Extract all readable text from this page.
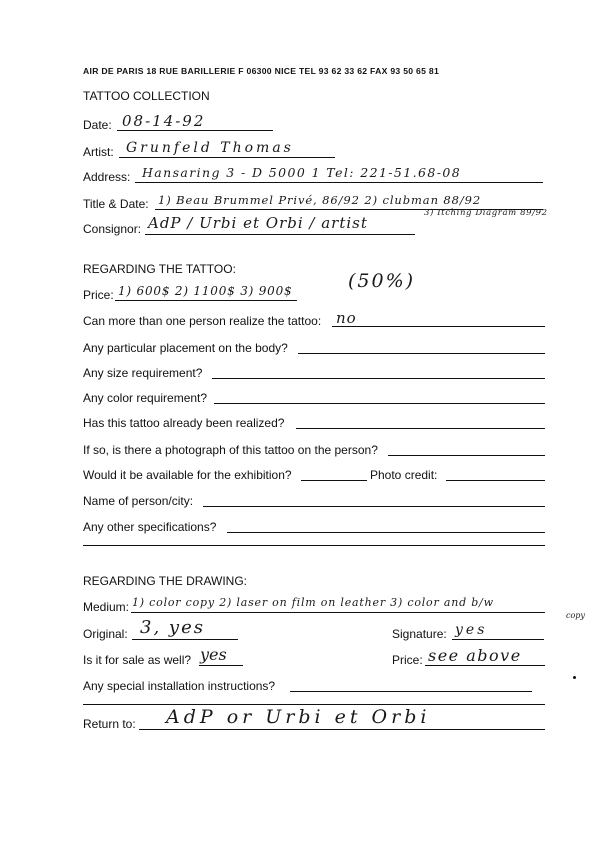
AIR DE PARIS 18 RUE BARILLERIE F 06300 NICE TEL 93 62 33 62 FAX 93 50 65 81
TATTOO COLLECTION
Date: 08-14-92
Artist: Grunfeld Thomas
Address: Hansaring 3 - D 5000 1 Tel: 221-51.68-08
Title & Date: 1) Beau Brummel Privé, 86/92 2) clubman 88/92
3) Itching Diagram 89/92
Consignor: AdP / Urbi et Orbi / artist
REGARDING THE TATTOO:
Price: 1) 600$ 2) 1100$ 3) 900$	(50%)
Can more than one person realize the tattoo: no
Any particular placement on the body?
Any size requirement?
Any color requirement?
Has this tattoo already been realized?
If so, is there a photograph of this tattoo on the person?
Would it be available for the exhibition?	Photo credit:
Name of person/city:
Any other specifications?
REGARDING THE DRAWING:
Medium: 1) color copy 2) laser on film on leather 3) color and b/w
copy
Original: 3, yes	Signature: yes
Is it for sale as well? yes	Price: see above
Any special installation instructions?
Return to: AdP or Urbi et Orbi
